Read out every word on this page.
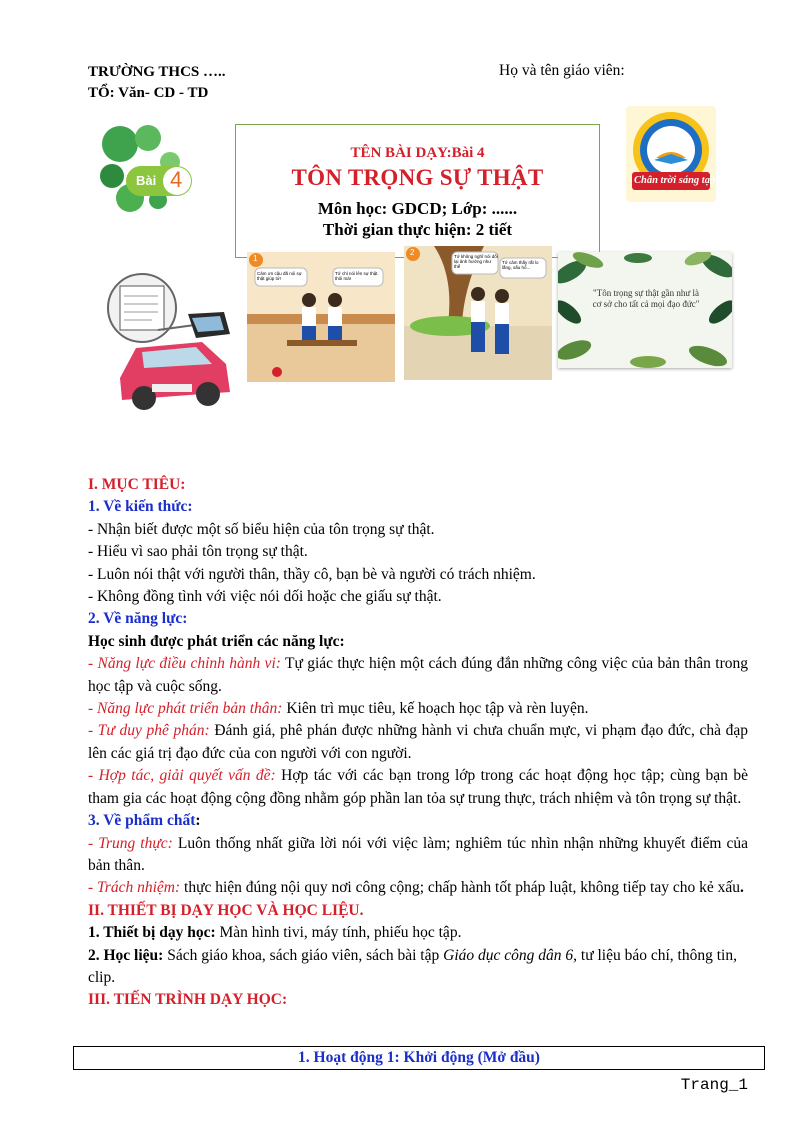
TRƯỜNG THCS …..
TỔ: Văn- CD - TD
Họ và tên giáo viên:
Bài 4	Chân trời sáng tạo
TÊN BÀI DẠY:Bài 4
TÔN TRỌNG SỰ THẬT
Môn học: GDCD; Lớp: ......
Thời gian thực hiện: 2 tiết
Cảm ơn cậu đã nói sự thật giúp tớ!
Tớ chỉ nói lên sự thật thôi mà!
1	Tớ không nghĩ nói dối lại ảnh hưởng như thế
Tớ cảm thấy rất lo lắng, xấu hổ...
2
"Tôn trọng sự thật gần như là cơ sở cho tất cả mọi đạo đức"

I. MỤC TIÊU:

1. Về kiến thức:

- Nhận biết được một số biểu hiện của tôn trọng sự thật.

- Hiểu vì sao phải tôn trọng sự thật.

- Luôn nói thật với người thân, thầy cô, bạn bè và người có trách nhiệm.

- Không đồng tình với việc nói dối hoặc che giấu sự thật.

2. Về năng lực:

Học sinh được phát triển các năng lực:

- Năng lực điều chỉnh hành vi: Tự giác thực hiện một cách đúng đắn những công việc của bản thân trong học tập và cuộc sống.

- Năng lực phát triển bản thân: Kiên trì mục tiêu, kế hoạch học tập và rèn luyện.

- Tư duy phê phán: Đánh giá, phê phán được những hành vi chưa chuẩn mực, vi phạm đạo đức, chà đạp lên các giá trị đạo đức của con người với con người.

- Hợp tác, giải quyết vấn đề: Hợp tác với các bạn trong lớp trong các hoạt động học tập; cùng bạn bè tham gia các hoạt động cộng đồng nhằm góp phần lan tỏa sự trung thực, trách nhiệm và tôn trọng sự thật.

3. Về phẩm chất:

- Trung thực: Luôn thống nhất giữa lời nói với việc làm; nghiêm túc nhìn nhận những khuyết điểm của bản thân.

- Trách nhiệm: thực hiện đúng nội quy nơi công cộng; chấp hành tốt pháp luật, không tiếp tay cho kẻ xấu.

II. THIẾT BỊ DẠY HỌC VÀ HỌC LIỆU.

1. Thiết bị dạy học: Màn hình tivi, máy tính, phiếu học tập.

2. Học liệu: Sách giáo khoa, sách giáo viên, sách bài tập Giáo dục công dân 6, tư liệu báo chí, thông tin, clip.

III. TIẾN TRÌNH DẠY HỌC:

1. Hoạt động 1: Khởi động (Mở đầu)
Trang_1
